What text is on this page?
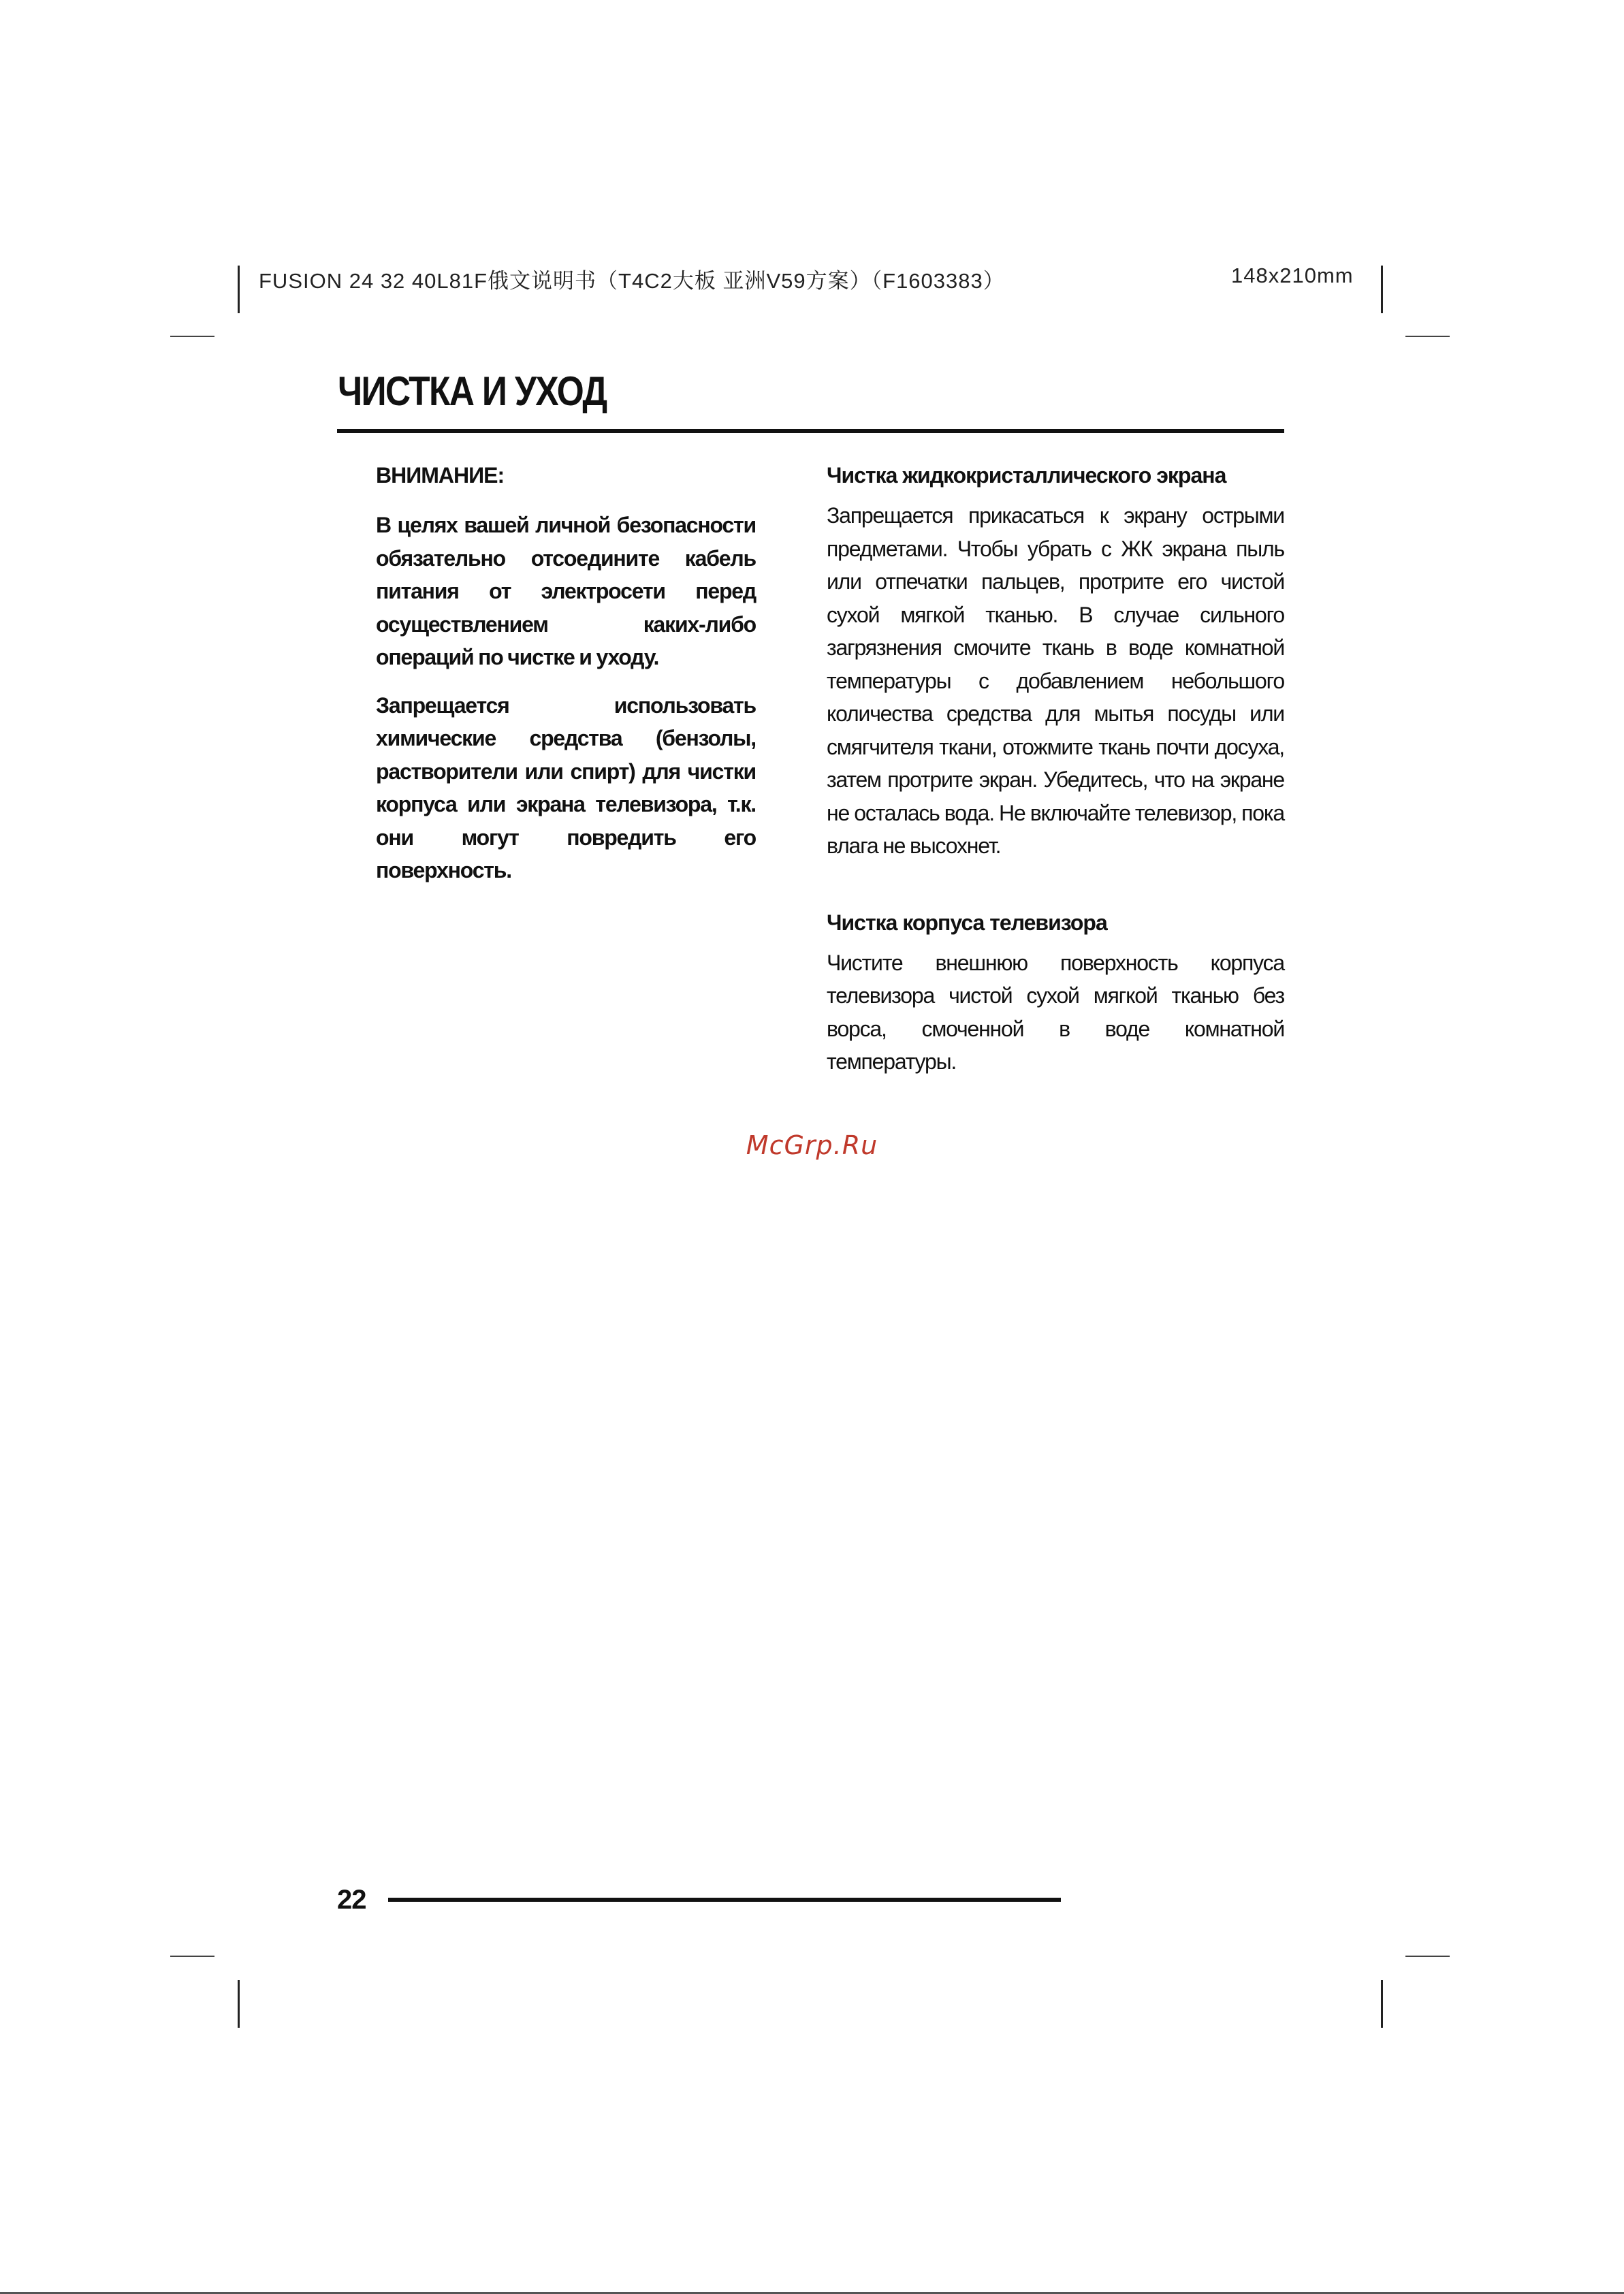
FUSION 24 32 40L81F俄文说明书（T4C2大板 亚洲V59方案）（F1603383）	148x210mm
ЧИСТКА И УХОД

ВНИМАНИЕ:

В целях вашей личной безопасности обязательно отсоедините кабель питания от электросети перед осуществлением каких-либо операций по чистке и уходу.

Запрещается использовать химические средства (бензолы, растворители или спирт) для чистки корпуса или экрана телевизора, т.к. они могут повредить его поверхность.

Чистка жидкокристаллического экрана

Запрещается прикасаться к экрану острыми предметами. Чтобы убрать с ЖК экрана пыль или отпечатки пальцев, протрите его чистой сухой мягкой тканью. В случае сильного загрязнения смочите ткань в воде комнатной температуры с добавлением небольшого количества средства для мытья посуды или смягчителя ткани, отожмите ткань почти досуха, затем протрите экран. Убедитесь, что на экране не осталась вода. Не включайте телевизор, пока влага не высохнет.

Чистка корпуса телевизора

Чистите внешнюю поверхность корпуса телевизора чистой сухой мягкой тканью без ворса, смоченной в воде комнатной температуры.

McGrp.Ru
22
